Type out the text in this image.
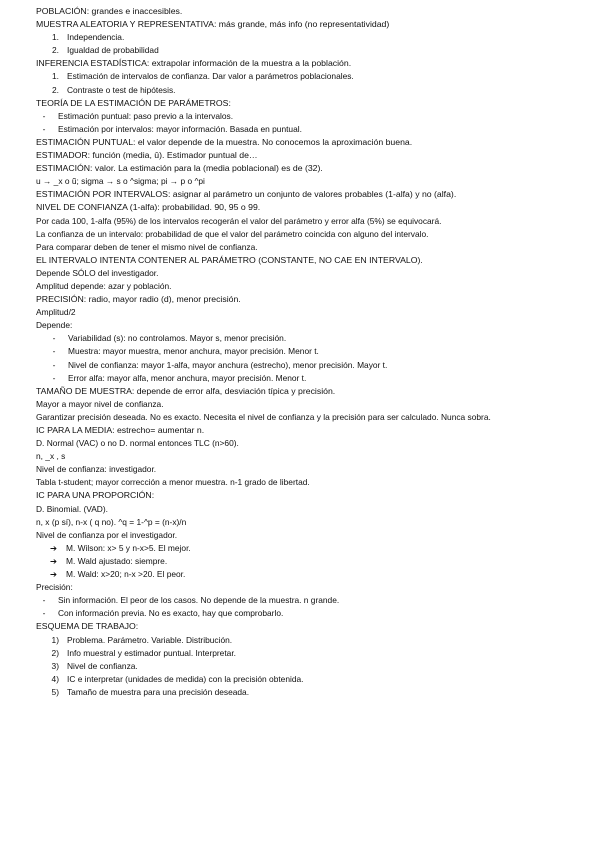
POBLACIÓN: grandes e inaccesibles.
MUESTRA ALEATORIA Y REPRESENTATIVA: más grande, más info (no representatividad)
1. Independencia.
2. Igualdad de probabilidad
INFERENCIA ESTADÍSTICA: extrapolar información de la muestra a la población.
1. Estimación de intervalos de confianza. Dar valor a parámetros poblacionales.
2. Contraste o test de hipótesis.
TEORÍA DE LA ESTIMACIÓN DE PARÁMETROS:
-	Estimación puntual: paso previo a la intervalos.
-	Estimación por intervalos: mayor información. Basada en puntual.
ESTIMACIÓN PUNTUAL: el valor depende de la muestra. No conocemos la aproximación buena.
ESTIMADOR: función (media, û). Estimador puntual de…
ESTIMACIÓN: valor. La estimación para la (media poblacional) es de (32).
u → _x o ũ; sigma → s o ^sigma; pi → p o ^pi
ESTIMACIÓN POR INTERVALOS: asignar al parámetro un conjunto de valores probables (1-alfa) y no (alfa).
NIVEL DE CONFIANZA (1-alfa): probabilidad. 90, 95 o 99.
Por cada 100, 1-alfa (95%) de los intervalos recogerán el valor del parámetro y error alfa (5%) se equivocará.
La confianza de un intervalo: probabilidad de que el valor del parámetro coincida con alguno del intervalo.
Para comparar deben de tener el mismo nivel de confianza.
EL INTERVALO INTENTA CONTENER AL PARÁMETRO (CONSTANTE, NO CAE EN INTERVALO).
Depende SÓLO del investigador.
Amplitud depende: azar y población.
PRECISIÓN: radio, mayor radio (d), menor precisión.
Amplitud/2
Depende:
-	Variabilidad (s): no controlamos. Mayor s, menor precisión.
-	Muestra: mayor muestra, menor anchura, mayor precisión. Menor t.
-	Nivel de confianza: mayor 1-alfa, mayor anchura (estrecho), menor precisión. Mayor t.
-	Error alfa: mayor alfa, menor anchura, mayor precisión. Menor t.
TAMAÑO DE MUESTRA: depende de error alfa, desviación típica y precisión.
Mayor a mayor nivel de confianza.
Garantizar precisión deseada. No es exacto. Necesita el nivel de confianza y la precisión para ser calculado. Nunca sobra.
IC PARA LA MEDIA: estrecho= aumentar n.
D. Normal (VAC) o no D. normal entonces TLC (n>60).
n, _x , s
Nivel de confianza: investigador.
Tabla t-student; mayor corrección a menor muestra. n-1 grado de libertad.
IC PARA UNA PROPORCIÓN:
D. Binomial. (VAD).
n, x (p sí), n-x ( q no). ^q = 1-^p = (n-x)/n
Nivel de confianza por el investigador.
➔	M. Wilson: x> 5 y n-x>5. El mejor.
➔	M. Wald ajustado: siempre.
➔	M. Wald: x>20; n-x >20. El peor.
Precisión:
-	Sin información. El peor de los casos. No depende de la muestra. n grande.
-	Con información previa. No es exacto, hay que comprobarlo.
ESQUEMA DE TRABAJO:
1) Problema. Parámetro. Variable. Distribución.
2) Info muestral y estimador puntual. Interpretar.
3) Nivel de confianza.
4) IC e interpretar (unidades de medida) con la precisión obtenida.
5) Tamaño de muestra para una precisión deseada.
